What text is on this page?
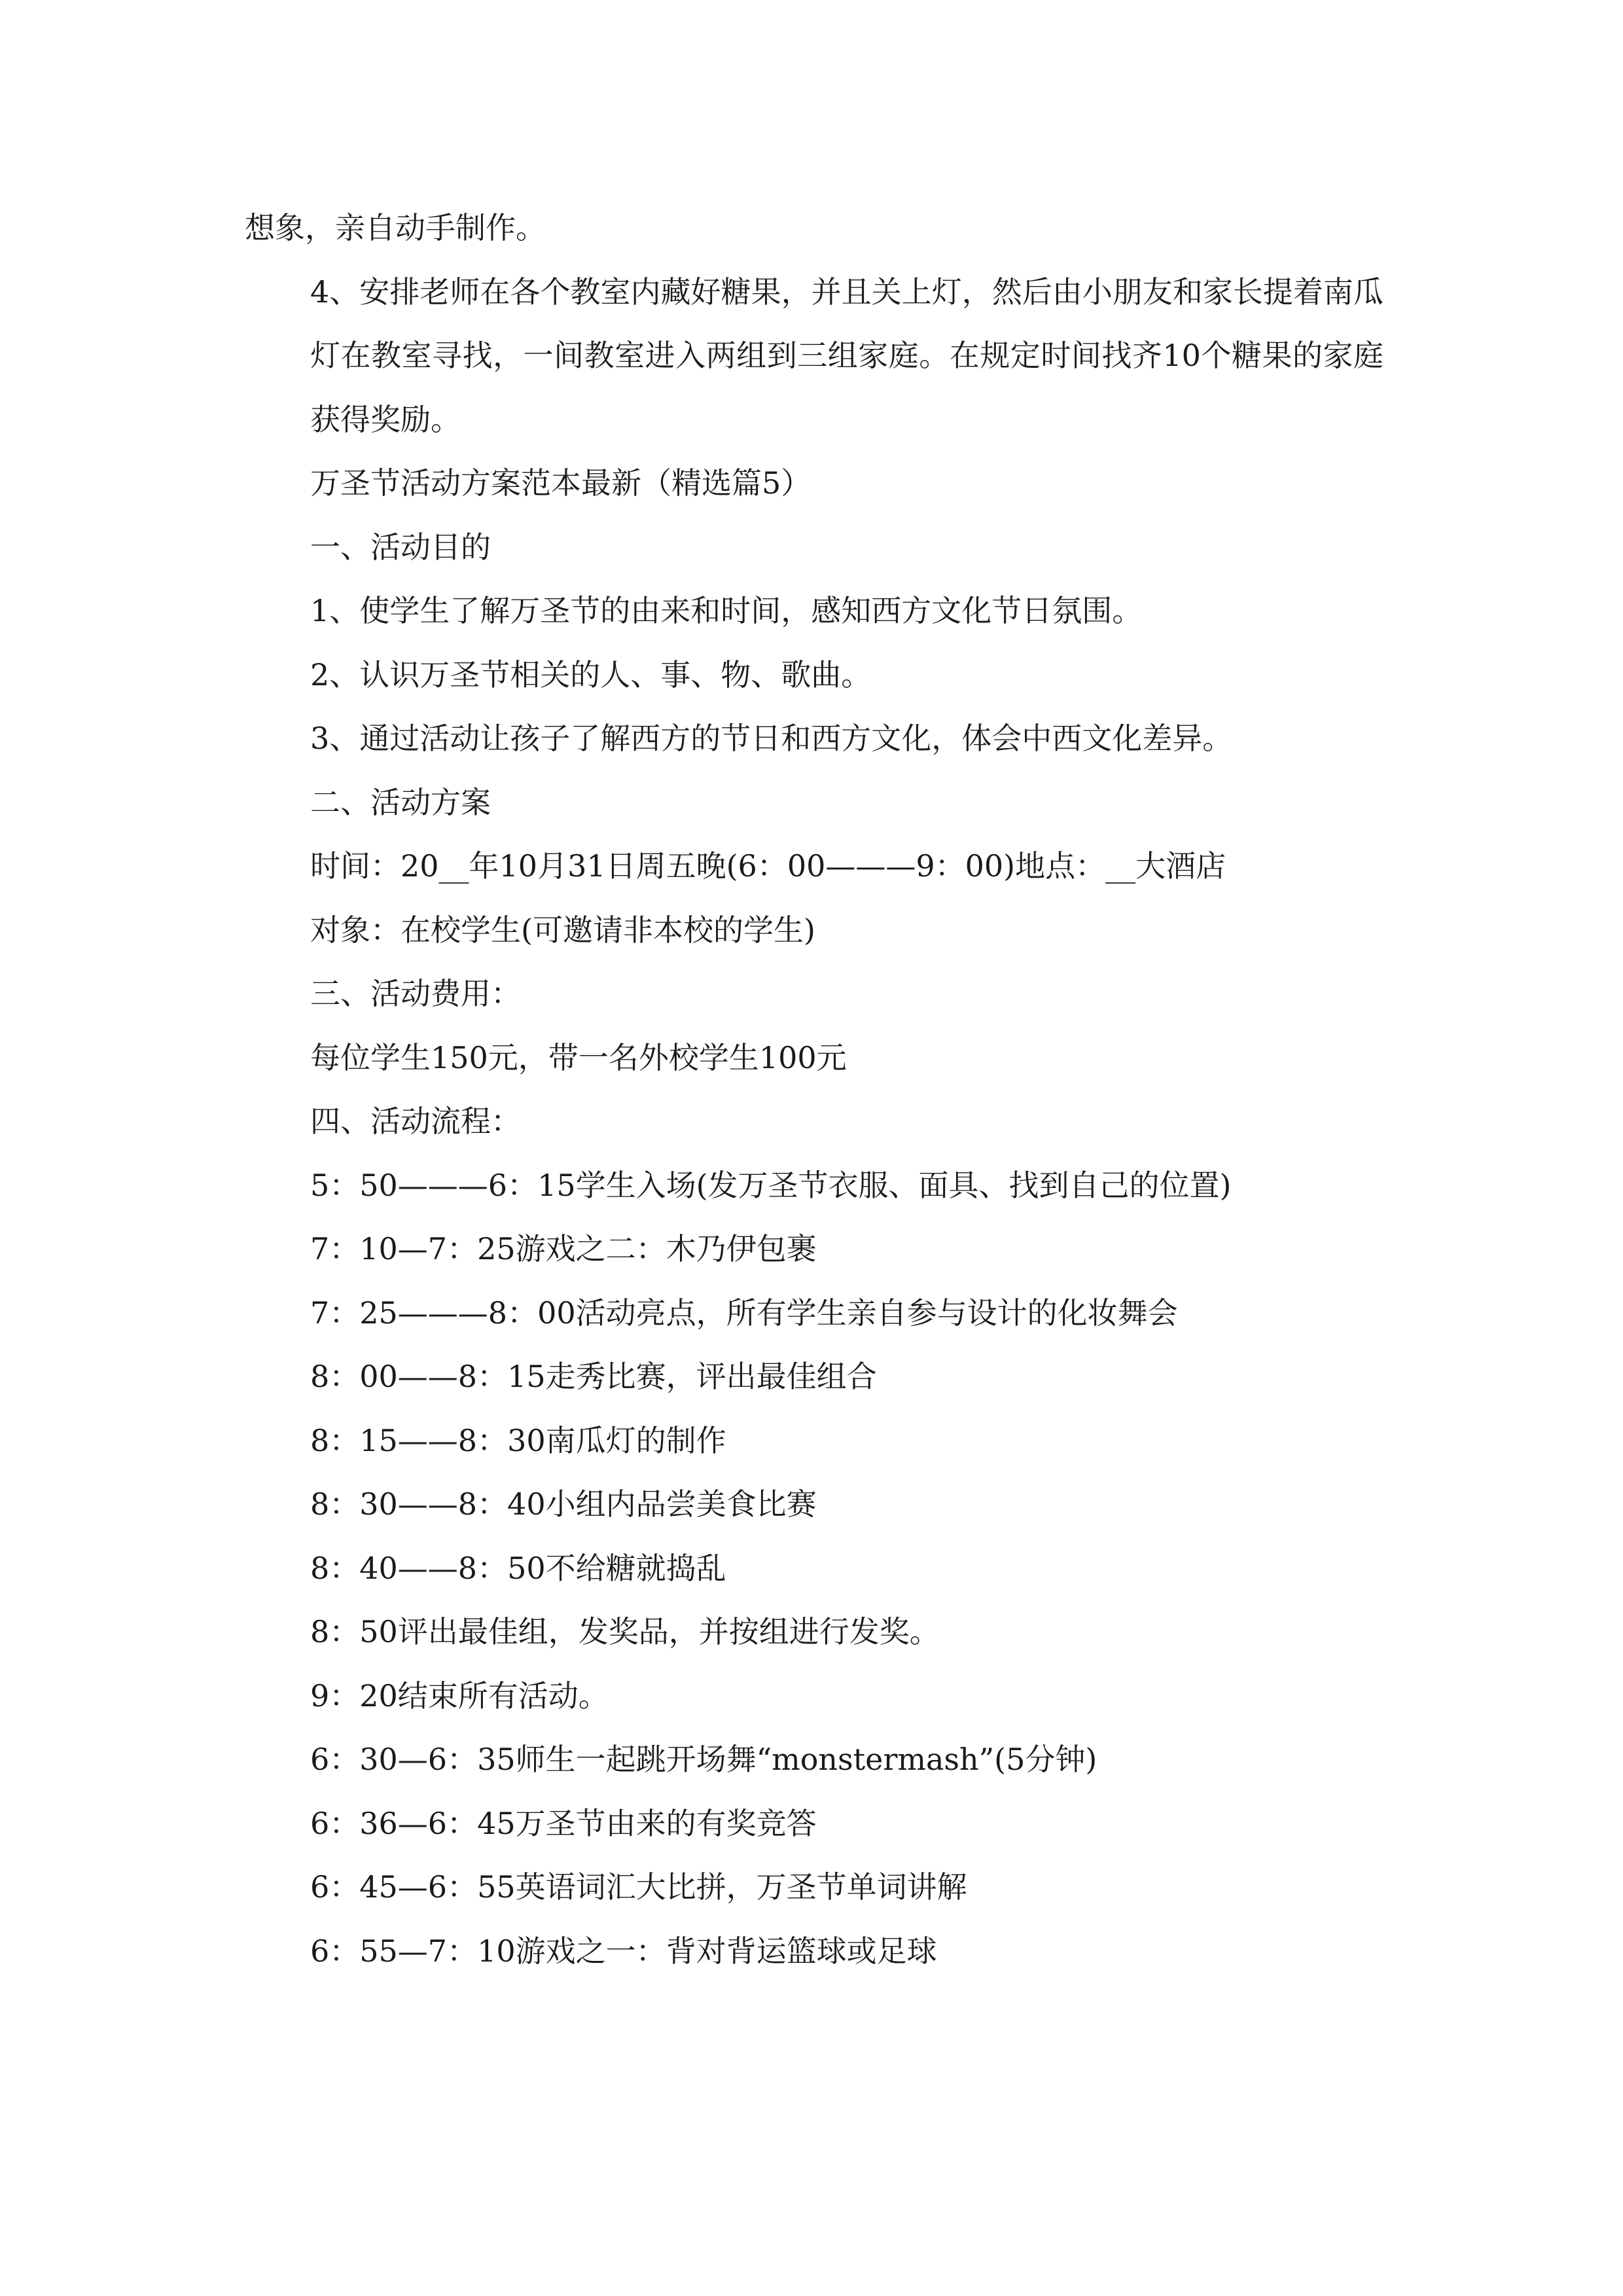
想象，亲自动手制作。

4、安排老师在各个教室内藏好糖果，并且关上灯，然后由小朋友和家长提着南瓜灯在教室寻找，一间教室进入两组到三组家庭。在规定时间找齐10个糖果的家庭获得奖励。

万圣节活动方案范本最新（精选篇5）

一、活动目的

1、使学生了解万圣节的由来和时间，感知西方文化节日氛围。

2、认识万圣节相关的人、事、物、歌曲。

3、通过活动让孩子了解西方的节日和西方文化，体会中西文化差异。

二、活动方案

时间：20__年10月31日周五晚(6：00———9：00)地点：__大酒店

对象：在校学生(可邀请非本校的学生)

三、活动费用：

每位学生150元，带一名外校学生100元

四、活动流程：

5：50———6：15学生入场(发万圣节衣服、面具、找到自己的位置)

7：10—7：25游戏之二：木乃伊包裹

7：25———8：00活动亮点，所有学生亲自参与设计的化妆舞会

8：00——8：15走秀比赛，评出最佳组合

8：15——8：30南瓜灯的制作

8：30——8：40小组内品尝美食比赛

8：40——8：50不给糖就捣乱

8：50评出最佳组，发奖品，并按组进行发奖。

9：20结束所有活动。

6：30—6：35师生一起跳开场舞“monstermash”(5分钟)

6：36—6：45万圣节由来的有奖竞答

6：45—6：55英语词汇大比拼，万圣节单词讲解

6：55—7：10游戏之一：背对背运篮球或足球
